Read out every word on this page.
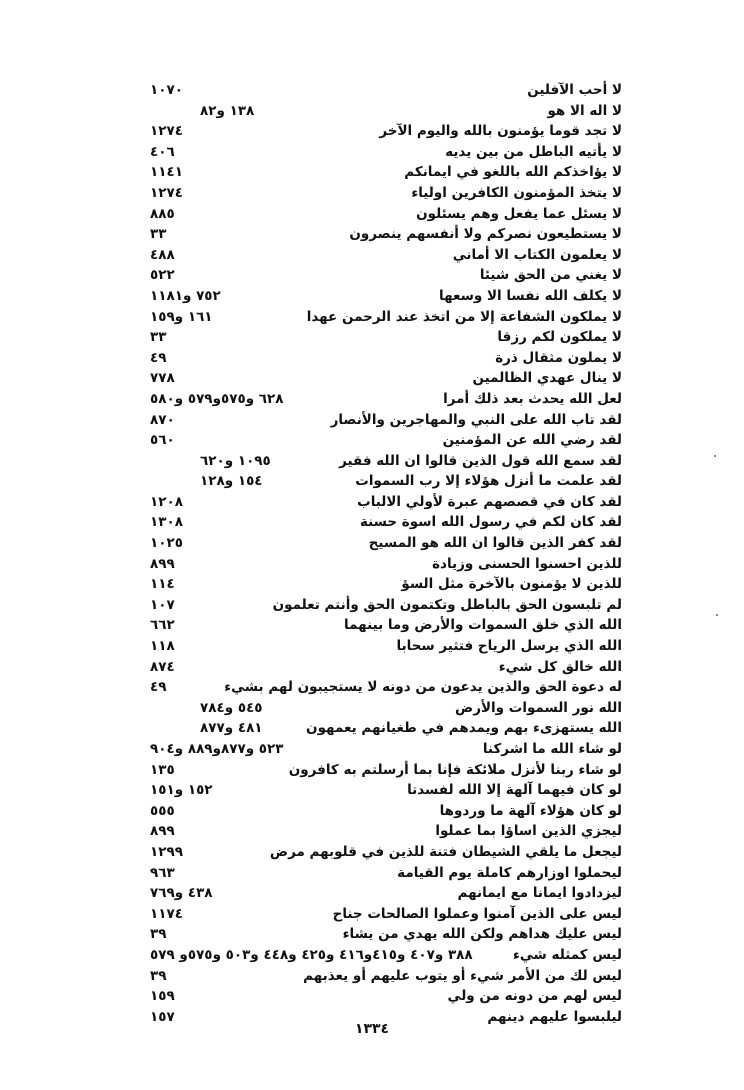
لا أحب الآفلين
١٠٧٠
لا اله الا هو
١٣٨ و٨٢
لا تجد قوما يؤمنون بالله واليوم الآخر
١٢٧٤
لا يأتيه الباطل من بين يديه
٤٠٦
لا يؤاخذكم الله باللغو في ايمانكم
١١٤١
لا يتخذ المؤمنون الكافرين اولياء
١٢٧٤
لا يسئل عما يفعل وهم يسئلون
٨٨٥
لا يستطيعون نصركم ولا أنفسهم ينصرون
٣٣
لا يعلمون الكتاب الا أماني
٤٨٨
لا يغني من الحق شيئا
٥٢٢
لا يكلف الله نفسا الا وسعها
٧٥٢ و١١٨١
لا يملكون الشفاعة إلا من اتخذ عند الرحمن عهدا
١٦١ و١٥٩
لا يملكون لكم رزقا
٣٣
لا يملون مثقال ذرة
٤٩
لا ينال عهدي الظالمين
٧٧٨
لعل الله يحدث بعد ذلك أمرا
٦٢٨ و٥٧٥و٥٧٩ و٥٨٠
لقد تاب الله على النبي والمهاجرين والأنصار
٨٧٠
لقد رضي الله عن المؤمنين
٥٦٠
لقد سمع الله قول الذين قالوا ان الله فقير
١٠٩٥ و٦٢٠
لقد علمت ما أنزل هؤلاء إلا رب السموات
١٥٤ و١٢٨
لقد كان في قصصهم عبرة لأولي الالباب
١٢٠٨
لقد كان لكم في رسول الله اسوة حسنة
١٣٠٨
لقد كفر الذين قالوا ان الله هو المسيح
١٠٢٥
للذين احسنوا الحسنى وزيادة
٨٩٩
للذين لا يؤمنون بالآخرة مثل السؤ
١١٤
لم تلبسون الحق بالباطل وتكتمون الحق وأنتم تعلمون
١٠٧
الله الذي خلق السموات والأرض وما بينهما
٦٦٢
الله الذي يرسل الرياح فتثير سحابا
١١٨
الله خالق كل شيء
٨٧٤
له دعوة الحق والذين يدعون من دونه لا يستجيبون لهم بشيء
٤٩
الله نور السموات والأرض
٥٤٥ و٧٨٤
الله يستهزىء بهم ويمدهم في طغيانهم يعمهون
٤٨١ و٨٧٧
لو شاء الله ما اشركنا
٥٢٣ و٨٧٧و٨٨٩ و٩٠٤
لو شاء ربنا لأنزل ملائكة فإنا بما أرسلتم به كافرون
١٣٥
لو كان فيهما آلهة إلا الله لفسدتا
١٥٢ و١٥١
لو كان هؤلاء آلهة ما وردوها
٥٥٥
ليجزي الذين اساؤا بما عملوا
٨٩٩
ليجعل ما يلقي الشيطان فتنة للذين في قلوبهم مرض
١٢٩٩
ليحملوا اوزارهم كاملة يوم القيامة
٩٦٣
ليزدادوا ايمانا مع ايمانهم
٤٣٨ و٧٦٩
ليس على الذين آمنوا وعملوا الصالحات جناح
١١٧٤
ليس عليك هداهم ولكن الله يهدي من يشاء
٣٩
ليس كمثله شيء
٣٨٨ و٤٠٧ و٤١٥و٤١٦ و٤٢٥ و٤٤٨ و٥٠٣ و٥٧٥و ٥٧٩
ليس لك من الأمر شيء أو يتوب عليهم أو يعذبهم
٣٩
ليس لهم من دونه من ولي
١٥٩
ليلبسوا عليهم دينهم
١٥٧
١٣٣٤
